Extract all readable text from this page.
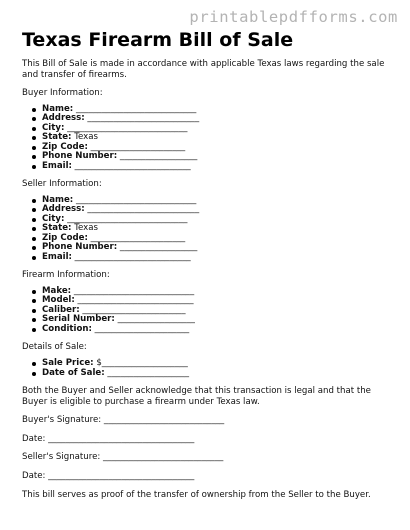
printablepdfforms.com
Texas Firearm Bill of Sale

This Bill of Sale is made in accordance with applicable Texas laws regarding the sale and transfer of firearms.

Buyer Information:

Name: ____________________________
Address: __________________________
City: ____________________________
State: Texas
Zip Code: ______________________
Phone Number: __________________
Email: ___________________________

Seller Information:

Name: ____________________________
Address: __________________________
City: ____________________________
State: Texas
Zip Code: ______________________
Phone Number: __________________
Email: ___________________________

Firearm Information:

Make: ____________________________
Model: ___________________________
Caliber: ________________________
Serial Number: __________________
Condition: ______________________

Details of Sale:

Sale Price: $____________________
Date of Sale: ___________________

Both the Buyer and Seller acknowledge that this transaction is legal and that the Buyer is eligible to purchase a firearm under Texas law.

Buyer's Signature: ____________________________

Date: __________________________________

Seller's Signature: ____________________________

Date: __________________________________

This bill serves as proof of the transfer of ownership from the Seller to the Buyer.
